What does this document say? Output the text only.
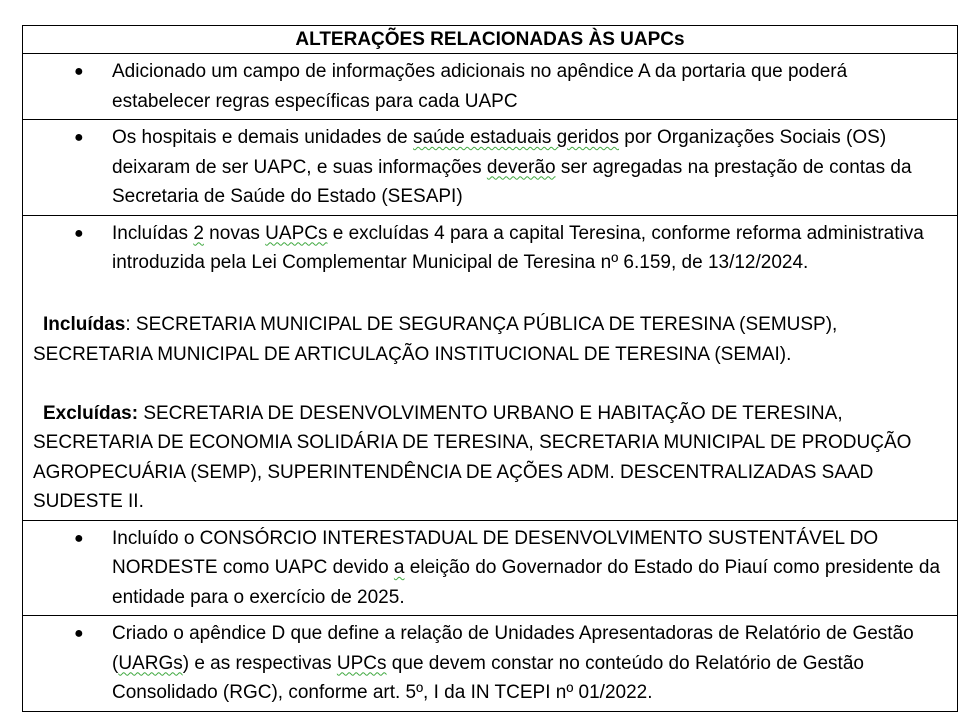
ALTERAÇÕES RELACIONADAS ÀS UAPCs

● Adicionado um campo de informações adicionais no apêndice A da portaria que poderá estabelecer regras específicas para cada UAPC

● Os hospitais e demais unidades de saúde estaduais geridos por Organizações Sociais (OS) deixaram de ser UAPC, e suas informações deverão ser agregadas na prestação de contas da Secretaria de Saúde do Estado (SESAPI)

● Incluídas 2 novas UAPCs e excluídas 4 para a capital Teresina, conforme reforma administrativa introduzida pela Lei Complementar Municipal de Teresina nº 6.159, de 13/12/2024.
Incluídas: SECRETARIA MUNICIPAL DE SEGURANÇA PÚBLICA DE TERESINA (SEMUSP), SECRETARIA MUNICIPAL DE ARTICULAÇÃO INSTITUCIONAL DE TERESINA (SEMAI).
Excluídas: SECRETARIA DE DESENVOLVIMENTO URBANO E HABITAÇÃO DE TERESINA, SECRETARIA DE ECONOMIA SOLIDÁRIA DE TERESINA, SECRETARIA MUNICIPAL DE PRODUÇÃO AGROPECUÁRIA (SEMP), SUPERINTENDÊNCIA DE AÇÕES ADM. DESCENTRALIZADAS SAAD SUDESTE II.

● Incluído o CONSÓRCIO INTERESTADUAL DE DESENVOLVIMENTO SUSTENTÁVEL DO NORDESTE como UAPC devido a eleição do Governador do Estado do Piauí como presidente da entidade para o exercício de 2025.

● Criado o apêndice D que define a relação de Unidades Apresentadoras de Relatório de Gestão (UARGs) e as respectivas UPCs que devem constar no conteúdo do Relatório de Gestão Consolidado (RGC), conforme art. 5º, I da IN TCEPI nº 01/2022.
